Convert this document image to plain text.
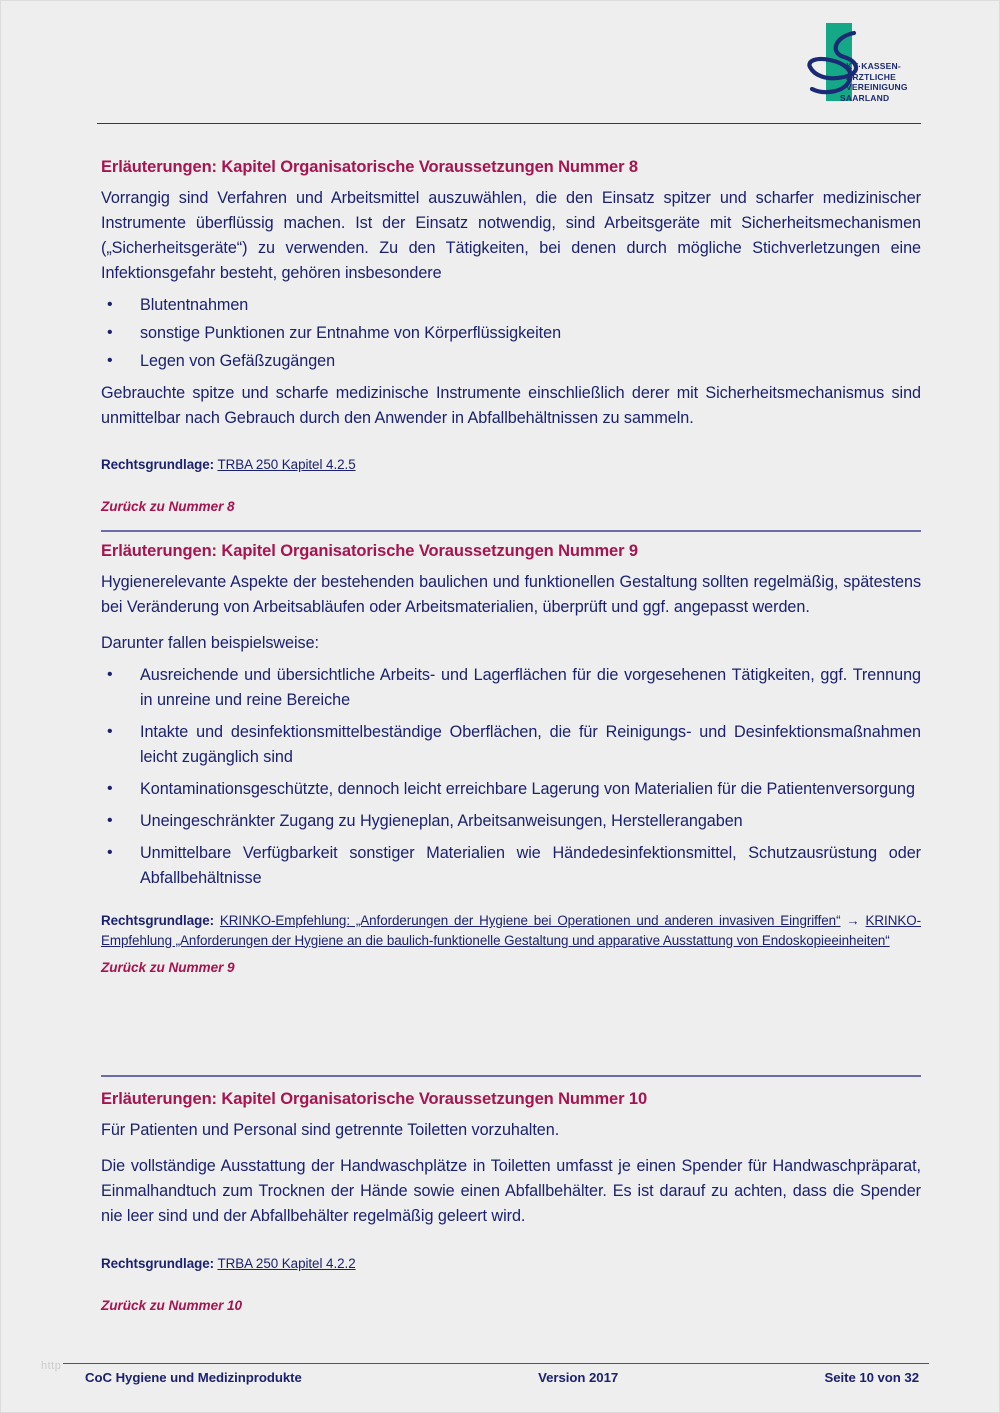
KV·KASSEN-
ÄRZTLICHE
VEREINIGUNG
SAARLAND
Erläuterungen: Kapitel Organisatorische Voraussetzungen Nummer 8

Vorrangig sind Verfahren und Arbeitsmittel auszuwählen, die den Einsatz spitzer und scharfer medizinischer Instrumente überflüssig machen. Ist der Einsatz notwendig, sind Arbeitsgeräte mit Sicherheitsmechanismen („Sicherheitsgeräte“) zu verwenden. Zu den Tätigkeiten, bei denen durch mögliche Stichverletzungen eine Infektionsgefahr besteht, gehören insbesondere

• Blutentnahmen
• sonstige Punktionen zur Entnahme von Körperflüssigkeiten
• Legen von Gefäßzugängen

Gebrauchte spitze und scharfe medizinische Instrumente einschließlich derer mit Sicherheitsmechanismus sind unmittelbar nach Gebrauch durch den Anwender in Abfallbehältnissen zu sammeln.

Rechtsgrundlage: TRBA 250 Kapitel 4.2.5
Zurück zu Nummer 8
Erläuterungen: Kapitel Organisatorische Voraussetzungen Nummer 9

Hygienerelevante Aspekte der bestehenden baulichen und funktionellen Gestaltung sollten regelmäßig, spätestens bei Veränderung von Arbeitsabläufen oder Arbeitsmaterialien, überprüft und ggf. angepasst werden.

Darunter fallen beispielsweise:

• Ausreichende und übersichtliche Arbeits- und Lagerflächen für die vorgesehenen Tätigkeiten, ggf. Trennung in unreine und reine Bereiche
• Intakte und desinfektionsmittelbeständige Oberflächen, die für Reinigungs- und Desinfektionsmaßnahmen leicht zugänglich sind
• Kontaminationsgeschützte, dennoch leicht erreichbare Lagerung von Materialien für die Patientenversorgung
• Uneingeschränkter Zugang zu Hygieneplan, Arbeitsanweisungen, Herstellerangaben
• Unmittelbare Verfügbarkeit sonstiger Materialien wie Händedesinfektionsmittel, Schutzausrüstung oder Abfallbehältnisse
Rechtsgrundlage: KRINKO-Empfehlung: „Anforderungen der Hygiene bei Operationen und anderen invasiven Eingriffen“ → KRINKO-Empfehlung „Anforderungen der Hygiene an die baulich-funktionelle Gestaltung und apparative Ausstattung von Endoskopieeinheiten“
Zurück zu Nummer 9
Erläuterungen: Kapitel Organisatorische Voraussetzungen Nummer 10

Für Patienten und Personal sind getrennte Toiletten vorzuhalten.

Die vollständige Ausstattung der Handwaschplätze in Toiletten umfasst je einen Spender für Handwaschpräparat, Einmalhandtuch zum Trocknen der Hände sowie einen Abfallbehälter. Es ist darauf zu achten, dass die Spender nie leer sind und der Abfallbehälter regelmäßig geleert wird.

Rechtsgrundlage: TRBA 250 Kapitel 4.2.2
Zurück zu Nummer 10
http
CoC Hygiene und Medizinprodukte	Version 2017	Seite 10 von 32
